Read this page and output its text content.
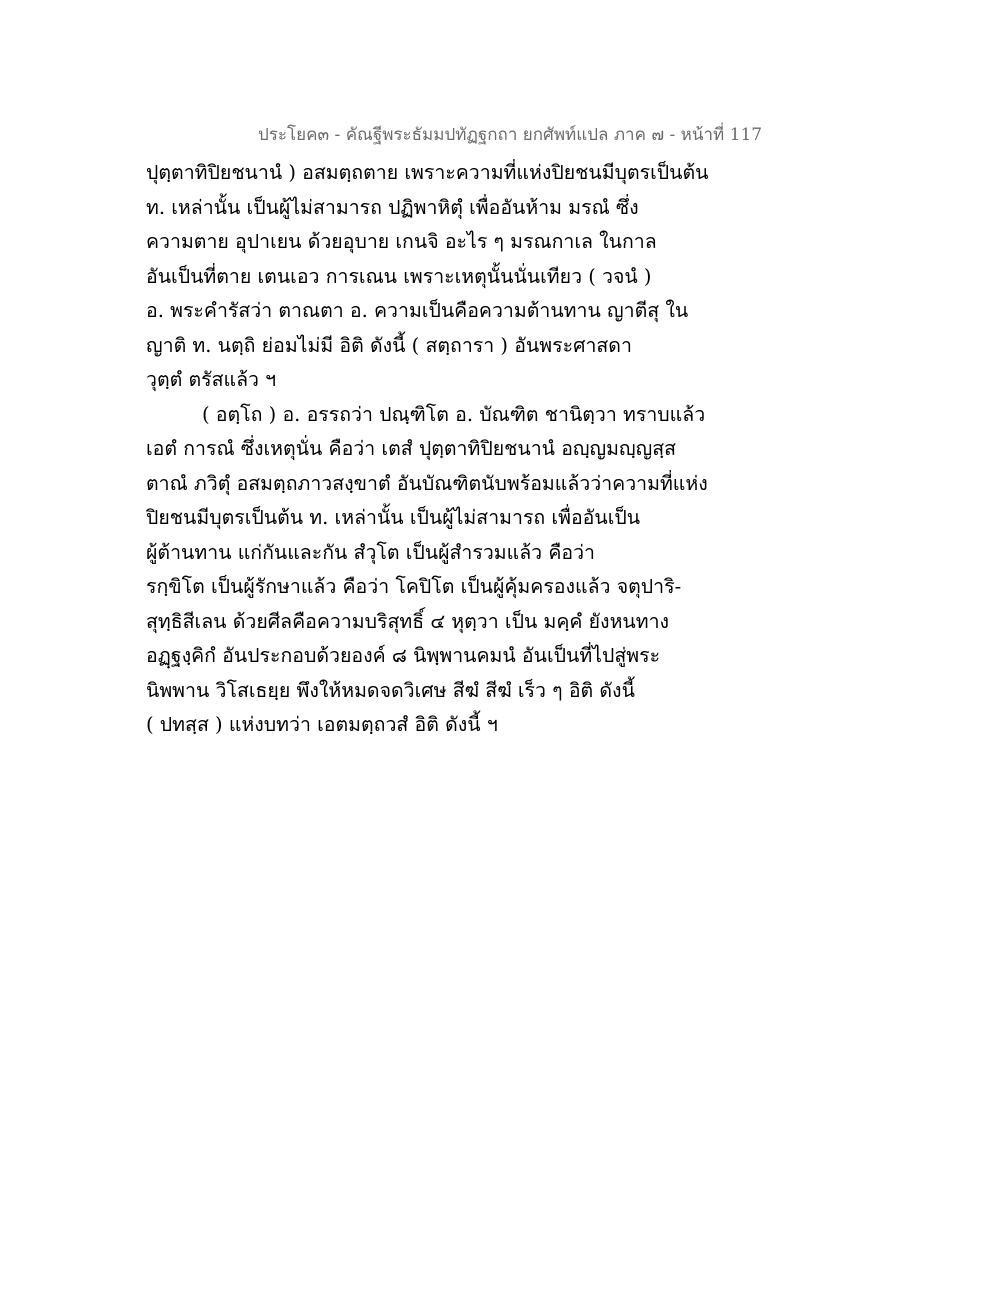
ประโยค๓ - คัณฐีพระธัมมปทัฏฐกถา ยกศัพท์แปล ภาค ๗ - หน้าที่ 117
ปุตฺตาทิปิยชนานํ ) อสมตฺถตาย เพราะความที่แห่งปิยชนมีบุตรเป็นต้น
ท. เหล่านั้น เป็นผู้ไม่สามารถ ปฏิพาหิตุํ เพื่ออันห้าม มรณํ ซึ่ง
ความตาย อุปาเยน ด้วยอุบาย เกนจิ อะไร ๆ มรณกาเล ในกาล
อันเป็นที่ตาย เตนเอว การเณน เพราะเหตุนั้นนั่นเทียว ( วจนํ )
อ. พระคำรัสว่า ตาณตา อ. ความเป็นคือความต้านทาน ญาตีสุ ใน
ญาติ ท. นตฺถิ ย่อมไม่มี อิติ ดังนี้ ( สตฺถารา ) อันพระศาสดา
วุตฺตํ ตรัสแล้ว ฯ
( อตฺโถ ) อ. อรรถว่า ปณฺฑิโต อ. บัณฑิต ชานิตฺวา ทราบแล้ว
เอตํ การณํ ซึ่งเหตุนั่น คือว่า เตสํ ปุตฺตาทิปิยชนานํ อญฺญมญฺญสฺส
ตาณํ ภวิตุํ อสมตฺถภาวสงฺขาตํ อันบัณฑิตนับพร้อมแล้วว่าความที่แห่ง
ปิยชนมีบุตรเป็นต้น ท. เหล่านั้น เป็นผู้ไม่สามารถ เพื่ออันเป็น
ผู้ต้านทาน แก่กันและกัน สํวุโต เป็นผู้สำรวมแล้ว คือว่า
รกฺขิโต เป็นผู้รักษาแล้ว คือว่า โคปิโต เป็นผู้คุ้มครองแล้ว จตุปาริ-
สุทฺธิสีเลน ด้วยศีลคือความบริสุทธิ์ ๔ หุตฺวา เป็น มคฺคํ ยังหนทาง
อฏฺฐงฺคิกํ อันประกอบด้วยองค์ ๘ นิพฺพานคมนํ อันเป็นที่ไปสู่พระ
นิพพาน วิโสเธยฺย พึงให้หมดจดวิเศษ สีฆํ สีฆํ เร็ว ๆ อิติ ดังนี้
( ปทสฺส ) แห่งบทว่า เอตมตฺถวสํ อิติ ดังนี้ ฯ
